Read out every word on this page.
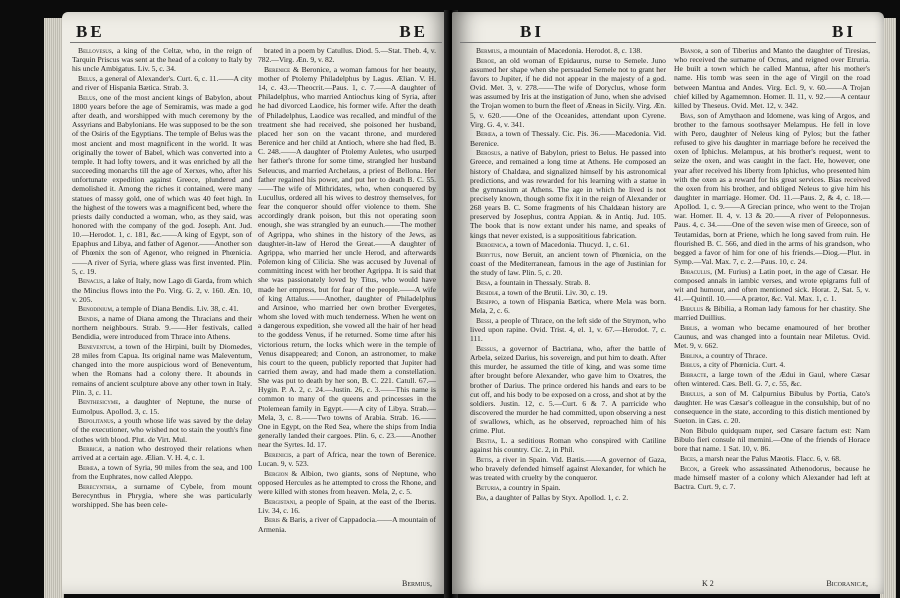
BE	BE

Bellovesus, a king of the Celtæ, who, in the reign of Tarquin Priscus was sent at the head of a colony to Italy by his uncle Ambigatus. Liv. 5, c. 34.

Belus, a general of Alexander's. Curt. 6, c. 11.——A city and river of Hispania Bætica. Strab. 3.

Belus, one of the most ancient kings of Babylon, about 1800 years before the age of Semiramis, was made a god after death, and worshipped with much ceremony by the Assyrians and Babylonians. He was supposed to be the son of the Osiris of the Egyptians. The temple of Belus was the most ancient and most magnificent in the world. It was originally the tower of Babel, which was converted into a temple. It had lofty towers, and it was enriched by all the succeeding monarchs till the age of Xerxes, who, after his unfortunate expedition against Greece, plundered and demolished it. Among the riches it contained, were many statues of massy gold, one of which was 40 feet high. In the highest of the towers was a magnificent bed, where the priests daily conducted a woman, who, as they said, was honored with the company of the god. Joseph. Ant. Jud. 10.—Herodot. 1, c. 181, &c.——A king of Egypt, son of Epaphus and Libya, and father of Agenor.——Another son of Phœnix the son of Agenor, who reigned in Phœnicia.——A river of Syria, where glass was first invented. Plin. 5, c. 19.

Benacus, a lake of Italy, now Lago di Garda, from which the Mincius flows into the Po. Virg. G. 2, v. 160. Æn. 10, v. 205.

Benodinium, a temple of Diana Bendis. Liv. 38, c. 41.

Bendis, a name of Diana among the Thracians and their northern neighbours. Strab. 9.——Her festivals, called Bendidia, were introduced from Thrace into Athens.

Beneventum, a town of the Hirpini, built by Diomedes, 28 miles from Capua. Its original name was Maleventum, changed into the more auspicious word of Beneventum, when the Romans had a colony there. It abounds in remains of ancient sculpture above any other town in Italy. Plin. 3, c. 11.

Benthesicyme, a daughter of Neptune, the nurse of Eumolpus. Apollod. 3, c. 15.

Bepolitanus, a youth whose life was saved by the delay of the executioner, who wished not to stain the youth's fine clothes with blood. Plut. de Virt. Mul.

Berbicæ, a nation who destroyed their relations when arrived at a certain age. Ælian. V. H. 4, c. 1.

Berœa, a town of Syria, 90 miles from the sea, and 100 from the Euphrates, now called Aleppo.

Berecynthia, a surname of Cybele, from mount Berecynthus in Phrygia, where she was particularly worshipped. She has been cele-

brated in a poem by Catullus. Diod. 5.—Stat. Theb. 4, v. 782.—Virg. Æn. 9, v. 82.

Berenice & Beronice, a woman famous for her beauty, mother of Ptolemy Philadelphus by Lagus. Ælian. V. H. 14, c. 43.—Theocrit.—Paus. 1, c. 7.——A daughter of Philadelphus, who married Antiochus king of Syria, after he had divorced Laodice, his former wife. After the death of Philadelphus, Laodice was recalled, and mindful of the treatment she had received, she poisoned her husband, placed her son on the vacant throne, and murdered Berenice and her child at Antioch, where she had fled, B. C. 248.——A daughter of Ptolemy Auletes, who usurped her father's throne for some time, strangled her husband Seleucus, and married Archelaus, a priest of Bellona. Her father regained his power, and put her to death B. C. 55.——The wife of Mithridates, who, when conquered by Lucullus, ordered all his wives to destroy themselves, for fear the conqueror should offer violence to them. She accordingly drank poison, but this not operating soon enough, she was strangled by an eunuch.——The mother of Agrippa, who shines in the history of the Jews, as daughter-in-law of Herod the Great.——A daughter of Agrippa, who married her uncle Herod, and afterwards Polemon king of Cilicia. She was accused by Juvenal of committing incest with her brother Agrippa. It is said that she was passionately loved by Titus, who would have made her empress, but for fear of the people.——A wife of king Attalus.——Another, daughter of Philadelphus and Arsinoe, who married her own brother Evergetes, whom she loved with much tenderness. When he went on a dangerous expedition, she vowed all the hair of her head to the goddess Venus, if he returned. Some time after his victorious return, the locks which were in the temple of Venus disappeared; and Conon, an astronomer, to make his court to the queen, publicly reported that Jupiter had carried them away, and had made them a constellation. She was put to death by her son, B. C. 221. Catull. 67.—Hygin. P. A. 2, c. 24.—Justin. 26, c. 3.——This name is common to many of the queens and princesses in the Ptolemean family in Egypt.——A city of Libya. Strab.—Mela, 3, c. 8.——Two towns of Arabia. Strab. 16.——One in Egypt, on the Red Sea, where the ships from India generally landed their cargoes. Plin. 6, c. 23.——Another near the Syrtes. Id. 17.

Berenicis, a part of Africa, near the town of Berenice. Lucan. 9, v. 523.

Bergion & Albion, two giants, sons of Neptune, who opposed Hercules as he attempted to cross the Rhone, and were killed with stones from heaven. Mela, 2, c. 5.

Bergistani, a people of Spain, at the east of the Iberus. Liv. 34, c. 16.

Beris & Baris, a river of Cappadocia.——A mountain of Armenia.

Bermius,
BI	BI

Bermius, a mountain of Macedonia. Herodot. 8, c. 138.

Beroe, an old woman of Epidaurus, nurse to Semele. Juno assumed her shape when she persuaded Semele not to grant her favors to Jupiter, if he did not appear in the majesty of a god. Ovid. Met. 3, v. 278.——The wife of Doryclus, whose form was assumed by Iris at the instigation of Juno, when she advised the Trojan women to burn the fleet of Æneas in Sicily. Virg. Æn. 5, v. 620.——One of the Oceanides, attendant upon Cyrene. Virg. G. 4, v. 341.

Berœa, a town of Thessaly. Cic. Pis. 36.——Macedonia. Vid. Berenice.

Berosus, a native of Babylon, priest to Belus. He passed into Greece, and remained a long time at Athens. He composed an history of Chaldæa, and signalized himself by his astronomical predictions, and was rewarded for his learning with a statue in the gymnasium at Athens. The age in which he lived is not precisely known, though some fix it in the reign of Alexander or 268 years B. C. Some fragments of his Chaldæan history are preserved by Josephus, contra Appian. & in Antiq. Jud. 105. The book that is now extant under his name, and speaks of kings that never existed, is a supposititious fabrication.

Beroenica, a town of Macedonia. Thucyd. 1, c. 61.

Berytus, now Beruit, an ancient town of Phœnicia, on the coast of the Mediterranean, famous in the age of Justinian for the study of law. Plin. 5, c. 20.

Besa, a fountain in Thessaly. Strab. 8.

Besidiæ, a town of the Brutii. Liv. 30, c. 19.

Besippo, a town of Hispania Bætica, where Mela was born. Mela, 2, c. 6.

Bessi, a people of Thrace, on the left side of the Strymon, who lived upon rapine. Ovid. Trist. 4, el. 1, v. 67.—Herodot. 7, c. 111.

Bessus, a governor of Bactriana, who, after the battle of Arbela, seized Darius, his sovereign, and put him to death. After this murder, he assumed the title of king, and was some time after brought before Alexander, who gave him to Oxatres, the brother of Darius. The prince ordered his hands and ears to be cut off, and his body to be exposed on a cross, and shot at by the soldiers. Justin. 12, c. 5.—Curt. 6 & 7. A parricide who discovered the murder he had committed, upon observing a nest of swallows, which, as he observed, reproached him of his crime. Plut.

Bestia, L. a seditious Roman who conspired with Catiline against his country. Cic. 2, in Phil.

Betis, a river in Spain. Vid. Bætis.——A governor of Gaza, who bravely defended himself against Alexander, for which he was treated with cruelty by the conqueror.

Beturia, a country in Spain.

Bia, a daughter of Pallas by Styx. Apollod. 1, c. 2.

Bianor, a son of Tiberius and Manto the daughter of Tiresias, who received the surname of Ocnus, and reigned over Etruria. He built a town which he called Mantua, after his mother's name. His tomb was seen in the age of Virgil on the road between Mantua and Andes. Virg. Ecl. 9, v. 60.——A Trojan chief killed by Agamemnon. Homer. Il. 11, v. 92.——A centaur killed by Theseus. Ovid. Met. 12, v. 342.

Bias, son of Amythaon and Idomene, was king of Argos, and brother to the famous soothsayer Melampus. He fell in love with Pero, daughter of Neleus king of Pylos; but the father refused to give his daughter in marriage before he received the oxen of Iphiclus. Melampus, at his brother's request, went to seize the oxen, and was caught in the fact. He, however, one year after received his liberty from Iphiclus, who presented him with the oxen as a reward for his great services. Bias received the oxen from his brother, and obliged Neleus to give him his daughter in marriage. Homer. Od. 11.—Paus. 2, & 4, c. 18.—Apollod. 1, c. 9.——A Grecian prince, who went to the Trojan war. Homer. Il. 4, v. 13 & 20.——A river of Peloponnesus. Paus. 4, c. 34.——One of the seven wise men of Greece, son of Teutamidas, born at Priene, which he long saved from ruin. He flourished B. C. 566, and died in the arms of his grandson, who begged a favor of him for one of his friends.—Diog.—Plut. in Symp.—Val. Max. 7, c. 2.—Paus. 10, c. 24.

Bibaculus, (M. Furius) a Latin poet, in the age of Cæsar. He composed annals in iambic verses, and wrote epigrams full of wit and humour, and often mentioned sick. Horat. 2, Sat. 5, v. 41.—Quintil. 10.——A prætor, &c. Val. Max. 1, c. 1.

Bibulus & Bibilia, a Roman lady famous for her chastity. She married Duillius.

Biblis, a woman who became enamoured of her brother Caunus, and was changed into a fountain near Miletus. Ovid. Met. 9, v. 662.

Biblina, a country of Thrace.

Biblus, a city of Phœnicia. Curt. 4.

Bibracte, a large town of the Ædui in Gaul, where Cæsar often wintered. Cæs. Bell. G. 7, c. 55, &c.

Bibulus, a son of M. Calpurnius Bibulus by Portia, Cato's daughter. He was Cæsar's colleague in the consulship, but of no consequence in the state, according to this distich mentioned by Sueton. in Cæs. c. 20.

Non Bibulo quidquam nuper, sed Cæsare factum est: Nam Bibulo fieri consule nil memini.—One of the friends of Horace bore that name. 1 Sat. 10, v. 86.

Bices, a marsh near the Palus Mæotis. Flacc. 6, v. 68.

Bicon, a Greek who assassinated Athenodorus, because he made himself master of a colony which Alexander had left at Bactra. Curt. 9, c. 7.

K 2	Bicoranicæ,
